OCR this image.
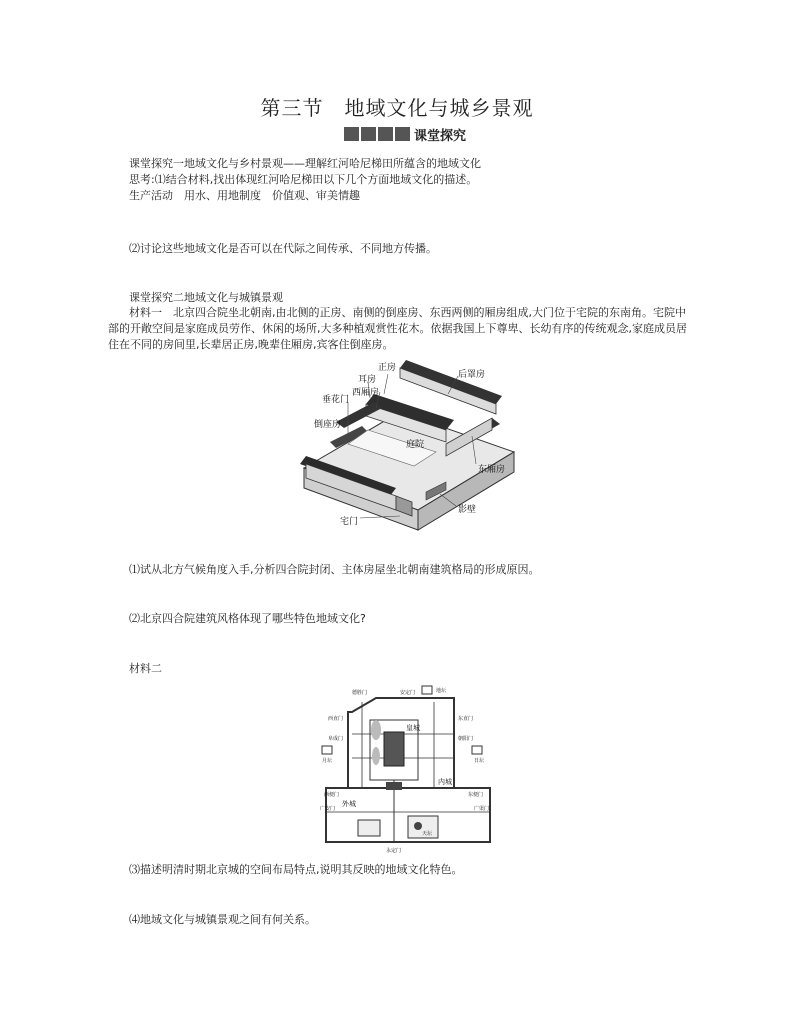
第三节　地域文化与城乡景观
课堂探究
课堂探究一地域文化与乡村景观——理解红河哈尼梯田所蕴含的地域文化
思考:⑴结合材料,找出体现红河哈尼梯田以下几个方面地域文化的描述。
生产活动　用水、用地制度　价值观、审美情趣
⑵讨论这些地域文化是否可以在代际之间传承、不同地方传播。
课堂探究二地域文化与城镇景观
材料一　北京四合院坐北朝南,由北侧的正房、南侧的倒座房、东西两侧的厢房组成,大门位于宅院的东南角。宅院中部的开敞空间是家庭成员劳作、休闲的场所,大多种植观赏性花木。依据我国上下尊卑、长幼有序的传统观念,家庭成员居住在不同的房间里,长辈居正房,晚辈住厢房,宾客住倒座房。
后罩房
正房
耳房
西厢房
垂花门
倒座房
庭院
东厢房
影壁
宅门
⑴试从北方气候角度入手,分析四合院封闭、主体房屋坐北朝南建筑格局的形成原因。
⑵北京四合院建筑风格体现了哪些特色地域文化?
材料二
德胜门	安定门	地坛
西直门	东直门
阜成门	朝阳门
月坛	日坛
西便门	东便门
广安门	广渠门
永定门
天坛
皇城
内城
外城
⑶描述明清时期北京城的空间布局特点,说明其反映的地域文化特色。
⑷地域文化与城镇景观之间有何关系。
